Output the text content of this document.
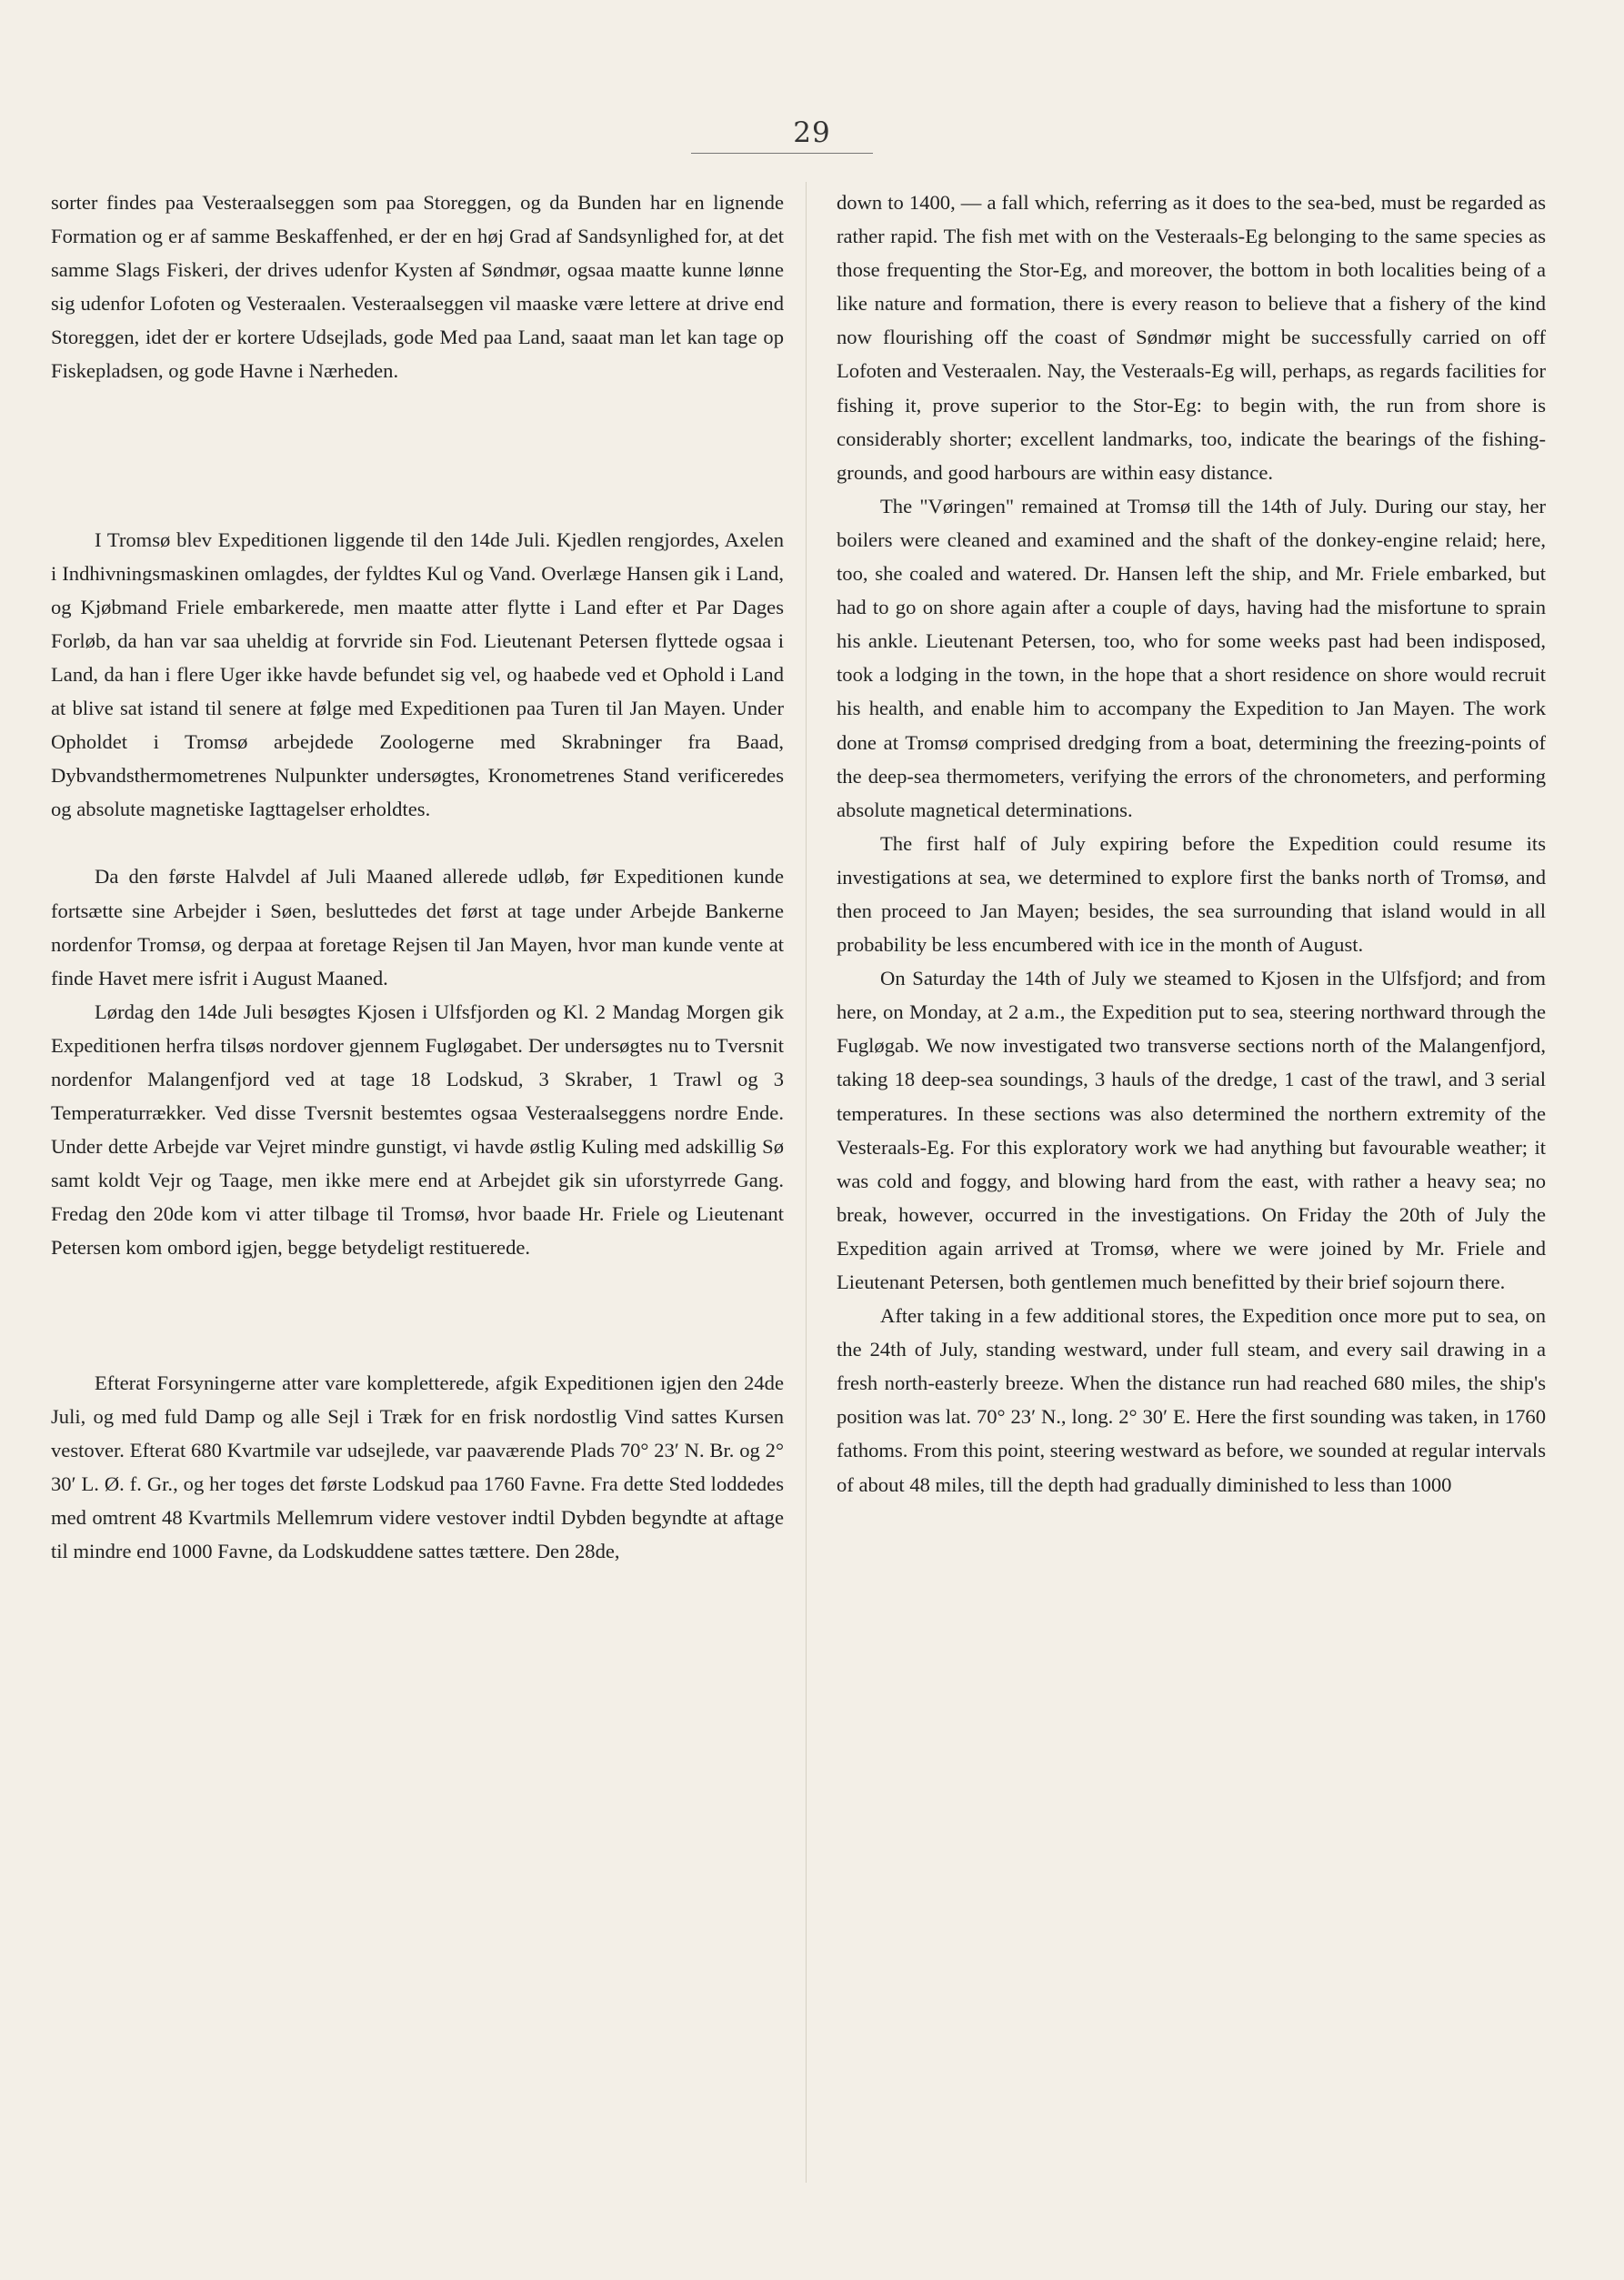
29

sorter findes paa Vesteraalseggen som paa Storeggen, og da Bunden har en lignende Formation og er af samme Beskaffenhed, er der en høj Grad af Sandsynlighed for, at det samme Slags Fiskeri, der drives udenfor Kysten af Søndmør, ogsaa maatte kunne lønne sig udenfor Lofoten og Vesteraalen. Vesteraalseggen vil maaske være lettere at drive end Storeggen, idet der er kortere Udsejlads, gode Med paa Land, saaat man let kan tage op Fiskepladsen, og gode Havne i Nærheden.

I Tromsø blev Expeditionen liggende til den 14de Juli. Kjedlen rengjordes, Axelen i Indhivningsmaskinen omlagdes, der fyldtes Kul og Vand. Overlæge Hansen gik i Land, og Kjøbmand Friele embarkerede, men maatte atter flytte i Land efter et Par Dages Forløb, da han var saa uheldig at forvride sin Fod. Lieutenant Petersen flyttede ogsaa i Land, da han i flere Uger ikke havde befundet sig vel, og haabede ved et Ophold i Land at blive sat istand til senere at følge med Expeditionen paa Turen til Jan Mayen. Under Opholdet i Tromsø arbejdede Zoologerne med Skrabninger fra Baad, Dybvandsthermometrenes Nulpunkter undersøgtes, Kronometrenes Stand verificeredes og absolute magnetiske Iagttagelser erholdtes.

Da den første Halvdel af Juli Maaned allerede udløb, før Expeditionen kunde fortsætte sine Arbejder i Søen, besluttedes det først at tage under Arbejde Bankerne nordenfor Tromsø, og derpaa at foretage Rejsen til Jan Mayen, hvor man kunde vente at finde Havet mere isfrit i August Maaned.

Lørdag den 14de Juli besøgtes Kjosen i Ulfsfjorden og Kl. 2 Mandag Morgen gik Expeditionen herfra tilsøs nordover gjennem Fugløgabet. Der undersøgtes nu to Tversnit nordenfor Malangenfjord ved at tage 18 Lodskud, 3 Skraber, 1 Trawl og 3 Temperaturrækker. Ved disse Tversnit bestemtes ogsaa Vesteraalseggens nordre Ende. Under dette Arbejde var Vejret mindre gunstigt, vi havde østlig Kuling med adskillig Sø samt koldt Vejr og Taage, men ikke mere end at Arbejdet gik sin uforstyrrede Gang. Fredag den 20de kom vi atter tilbage til Tromsø, hvor baade Hr. Friele og Lieutenant Petersen kom ombord igjen, begge betydeligt restituerede.

Efterat Forsyningerne atter vare kompletterede, afgik Expeditionen igjen den 24de Juli, og med fuld Damp og alle Sejl i Træk for en frisk nordostlig Vind sattes Kursen vestover. Efterat 680 Kvartmile var udsejlede, var paaværende Plads 70° 23′ N. Br. og 2° 30′ L. Ø. f. Gr., og her toges det første Lodskud paa 1760 Favne. Fra dette Sted loddedes med omtrent 48 Kvartmils Mellemrum videre vestover indtil Dybden begyndte at aftage til mindre end 1000 Favne, da Lodskuddene sattes tættere. Den 28de,

down to 1400, — a fall which, referring as it does to the sea-bed, must be regarded as rather rapid. The fish met with on the Vesteraals-Eg belonging to the same species as those frequenting the Stor-Eg, and moreover, the bottom in both localities being of a like nature and formation, there is every reason to believe that a fishery of the kind now flourishing off the coast of Søndmør might be successfully carried on off Lofoten and Vesteraalen. Nay, the Vesteraals-Eg will, perhaps, as regards facilities for fishing it, prove superior to the Stor-Eg: to begin with, the run from shore is considerably shorter; excellent landmarks, too, indicate the bearings of the fishing-grounds, and good harbours are within easy distance.

The "Vøringen" remained at Tromsø till the 14th of July. During our stay, her boilers were cleaned and examined and the shaft of the donkey-engine relaid; here, too, she coaled and watered. Dr. Hansen left the ship, and Mr. Friele embarked, but had to go on shore again after a couple of days, having had the misfortune to sprain his ankle. Lieutenant Petersen, too, who for some weeks past had been indisposed, took a lodging in the town, in the hope that a short residence on shore would recruit his health, and enable him to accompany the Expedition to Jan Mayen. The work done at Tromsø comprised dredging from a boat, determining the freezing-points of the deep-sea thermometers, verifying the errors of the chronometers, and performing absolute magnetical determinations.

The first half of July expiring before the Expedition could resume its investigations at sea, we determined to explore first the banks north of Tromsø, and then proceed to Jan Mayen; besides, the sea surrounding that island would in all probability be less encumbered with ice in the month of August.

On Saturday the 14th of July we steamed to Kjosen in the Ulfsfjord; and from here, on Monday, at 2 a.m., the Expedition put to sea, steering northward through the Fugløgab. We now investigated two transverse sections north of the Malangenfjord, taking 18 deep-sea soundings, 3 hauls of the dredge, 1 cast of the trawl, and 3 serial temperatures. In these sections was also determined the northern extremity of the Vesteraals-Eg. For this exploratory work we had anything but favourable weather; it was cold and foggy, and blowing hard from the east, with rather a heavy sea; no break, however, occurred in the investigations. On Friday the 20th of July the Expedition again arrived at Tromsø, where we were joined by Mr. Friele and Lieutenant Petersen, both gentlemen much benefitted by their brief sojourn there.

After taking in a few additional stores, the Expedition once more put to sea, on the 24th of July, standing westward, under full steam, and every sail drawing in a fresh north-easterly breeze. When the distance run had reached 680 miles, the ship's position was lat. 70° 23′ N., long. 2° 30′ E. Here the first sounding was taken, in 1760 fathoms. From this point, steering westward as before, we sounded at regular intervals of about 48 miles, till the depth had gradually diminished to less than 1000
